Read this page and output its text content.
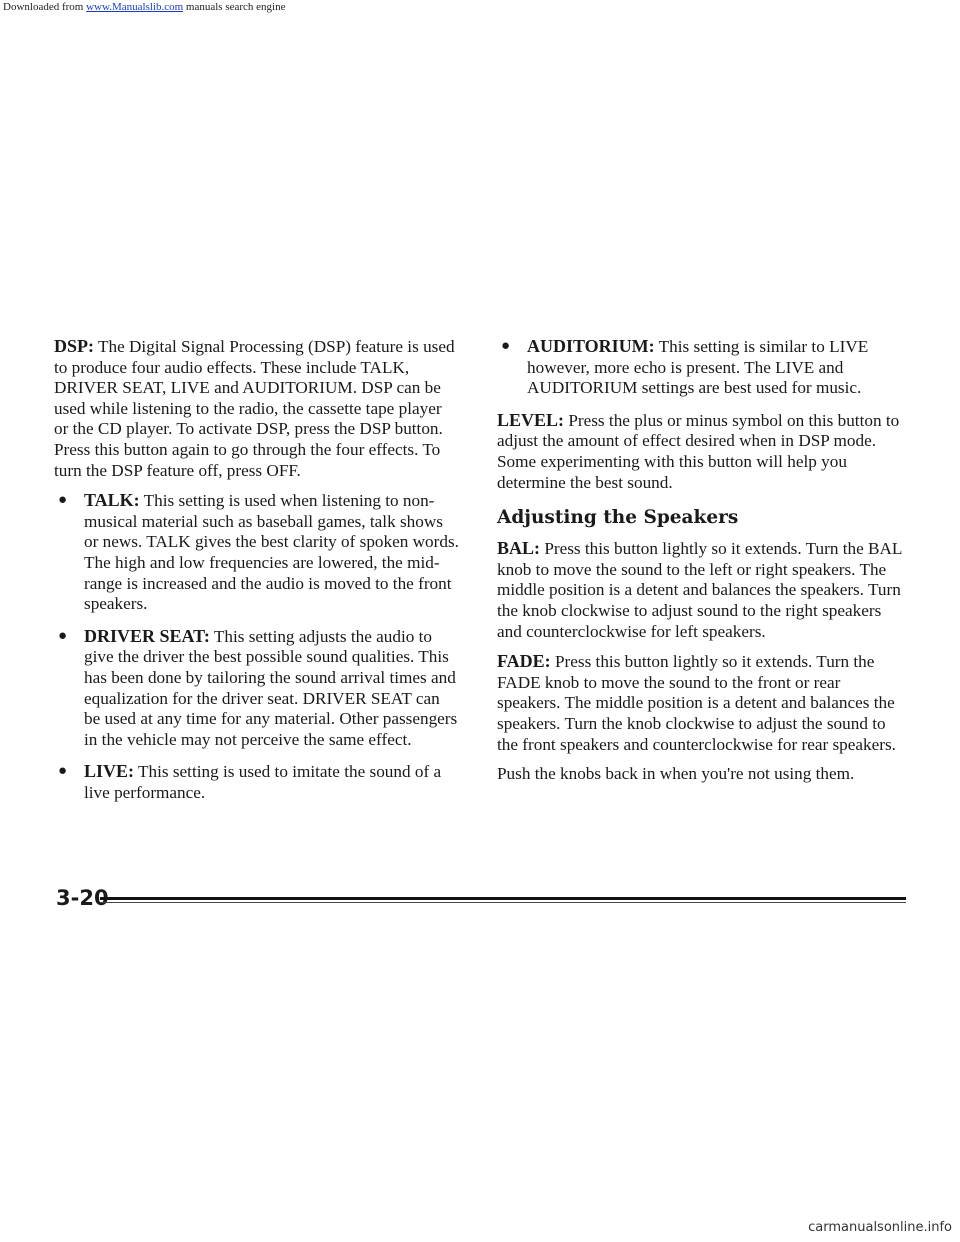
Downloaded from www.Manualslib.com manuals search engine

DSP: The Digital Signal Processing (DSP) feature is used to produce four audio effects. These include TALK, DRIVER SEAT, LIVE and AUDITORIUM. DSP can be used while listening to the radio, the cassette tape player or the CD player. To activate DSP, press the DSP button. Press this button again to go through the four effects. To turn the DSP feature off, press OFF.

● TALK: This setting is used when listening to non-musical material such as baseball games, talk shows or news. TALK gives the best clarity of spoken words. The high and low frequencies are lowered, the mid-range is increased and the audio is moved to the front speakers.
● DRIVER SEAT: This setting adjusts the audio to give the driver the best possible sound qualities. This has been done by tailoring the sound arrival times and equalization for the driver seat. DRIVER SEAT can be used at any time for any material. Other passengers in the vehicle may not perceive the same effect.
● LIVE: This setting is used to imitate the sound of a live performance.
● AUDITORIUM: This setting is similar to LIVE however, more echo is present. The LIVE and AUDITORIUM settings are best used for music.

LEVEL: Press the plus or minus symbol on this button to adjust the amount of effect desired when in DSP mode. Some experimenting with this button will help you determine the best sound.

Adjusting the Speakers

BAL: Press this button lightly so it extends. Turn the BAL knob to move the sound to the left or right speakers. The middle position is a detent and balances the speakers. Turn the knob clockwise to adjust sound to the right speakers and counterclockwise for left speakers.

FADE: Press this button lightly so it extends. Turn the FADE knob to move the sound to the front or rear speakers. The middle position is a detent and balances the speakers. Turn the knob clockwise to adjust the sound to the front speakers and counterclockwise for rear speakers.

Push the knobs back in when you're not using them.

3-20
carmanualsonline.info
